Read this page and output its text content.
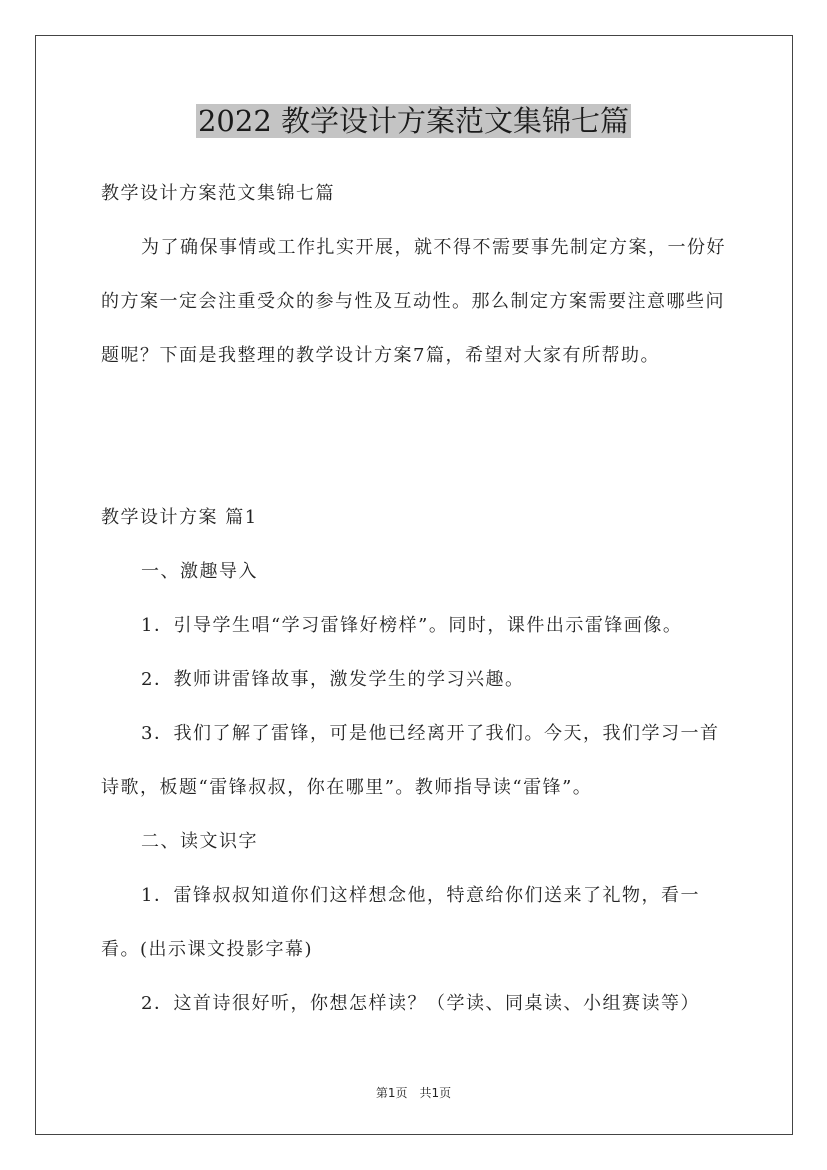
2022 教学设计方案范文集锦七篇

教学设计方案范文集锦七篇

为了确保事情或工作扎实开展，就不得不需要事先制定方案，一份好的方案一定会注重受众的参与性及互动性。那么制定方案需要注意哪些问题呢？下面是我整理的教学设计方案7篇，希望对大家有所帮助。

教学设计方案 篇1

一、激趣导入

1．引导学生唱“学习雷锋好榜样”。同时，课件出示雷锋画像。

2．教师讲雷锋故事，激发学生的学习兴趣。

3．我们了解了雷锋，可是他已经离开了我们。今天，我们学习一首诗歌，板题“雷锋叔叔，你在哪里”。教师指导读“雷锋”。

二、读文识字

1．雷锋叔叔知道你们这样想念他，特意给你们送来了礼物，看一看。(出示课文投影字幕)

2．这首诗很好听，你想怎样读？（学读、同桌读、小组赛读等）

第1页　共1页
